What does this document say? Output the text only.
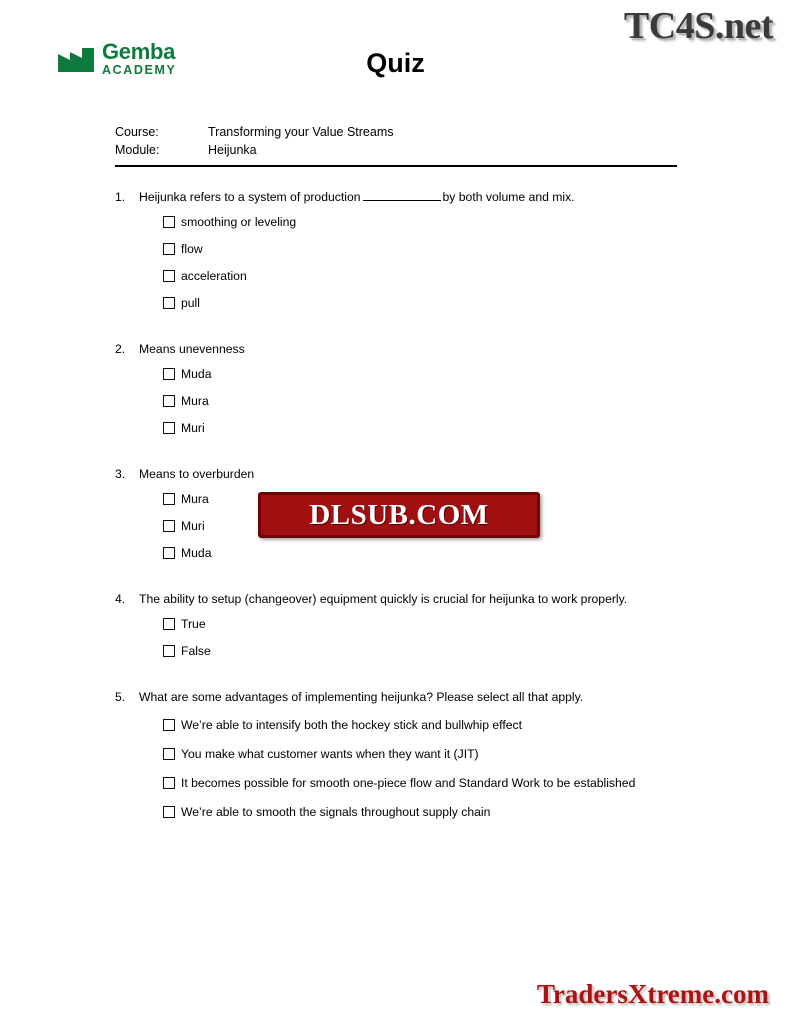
TC4S.net
Gemba
ACADEMY	Quiz
Course:	Transforming your Value Streams
Module:	Heijunka
DLSUB.COM
1.	Heijunka refers to a system of production	by both volume and mix.
smoothing or leveling
flow
acceleration
pull
2.	Means unevenness
Muda
Mura
Muri
3.	Means to overburden
Mura
Muri
Muda
4.	The ability to setup (changeover) equipment quickly is crucial for heijunka to work properly.
True
False
5.	What are some advantages of implementing heijunka? Please select all that apply.
We’re able to intensify both the hockey stick and bullwhip effect
You make what customer wants when they want it (JIT)
It becomes possible for smooth one-piece flow and Standard Work to be established
We’re able to smooth the signals throughout supply chain
TradersXtreme.com
